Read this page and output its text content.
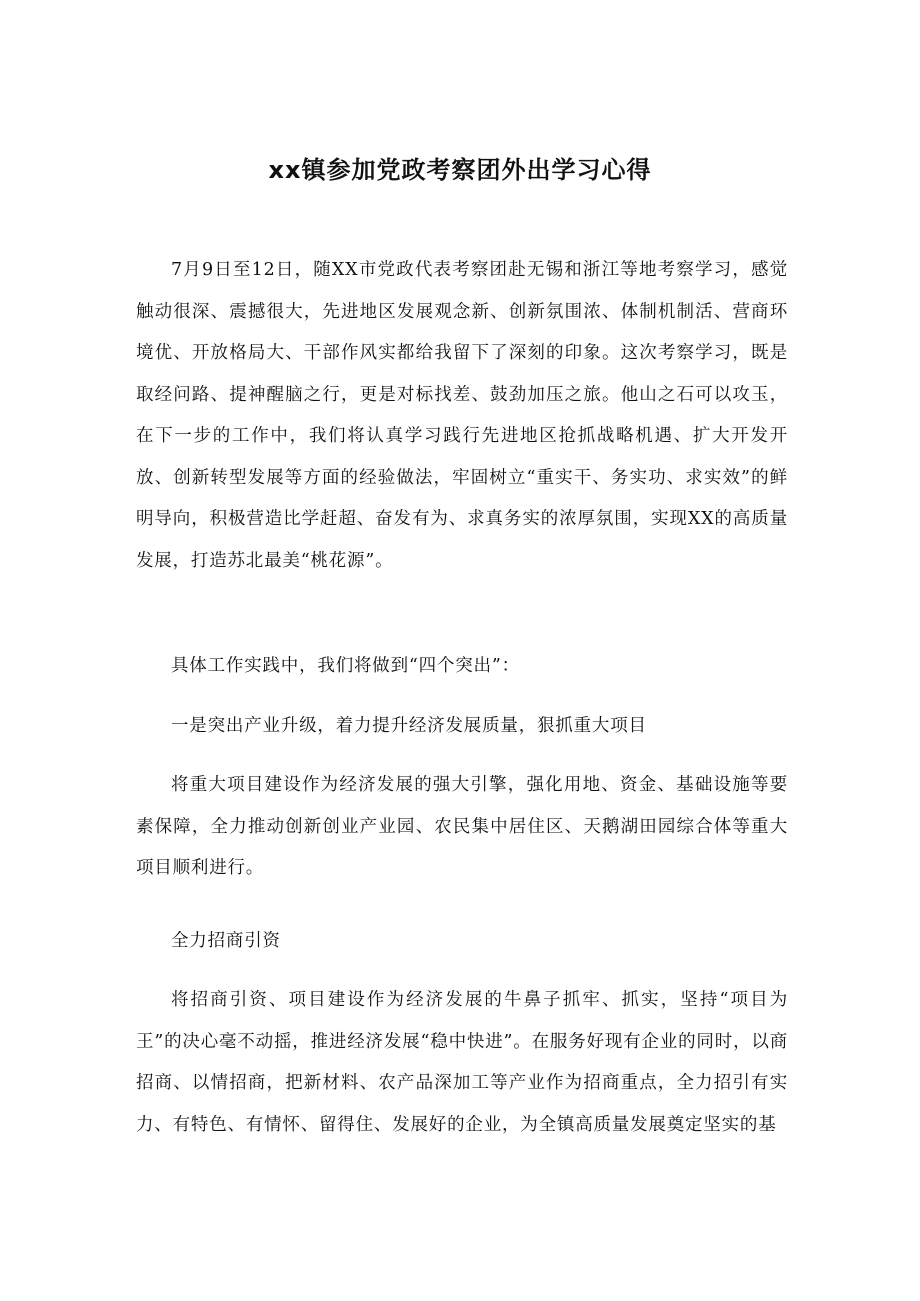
xx镇参加党政考察团外出学习心得

7月9日至12日，随XX市党政代表考察团赴无锡和浙江等地考察学习，感觉触动很深、震撼很大，先进地区发展观念新、创新氛围浓、体制机制活、营商环境优、开放格局大、干部作风实都给我留下了深刻的印象。这次考察学习，既是取经问路、提神醒脑之行，更是对标找差、鼓劲加压之旅。他山之石可以攻玉，在下一步的工作中，我们将认真学习践行先进地区抢抓战略机遇、扩大开发开放、创新转型发展等方面的经验做法，牢固树立“重实干、务实功、求实效”的鲜明导向，积极营造比学赶超、奋发有为、求真务实的浓厚氛围，实现XX的高质量发展，打造苏北最美“桃花源”。

具体工作实践中，我们将做到“四个突出”：

一是突出产业升级，着力提升经济发展质量，狠抓重大项目

将重大项目建设作为经济发展的强大引擎，强化用地、资金、基础设施等要素保障，全力推动创新创业产业园、农民集中居住区、天鹅湖田园综合体等重大项目顺利进行。

全力招商引资

将招商引资、项目建设作为经济发展的牛鼻子抓牢、抓实，坚持“项目为王”的决心毫不动摇，推进经济发展“稳中快进”。在服务好现有企业的同时，以商招商、以情招商，把新材料、农产品深加工等产业作为招商重点，全力招引有实力、有特色、有情怀、留得住、发展好的企业，为全镇高质量发展奠定坚实的基
